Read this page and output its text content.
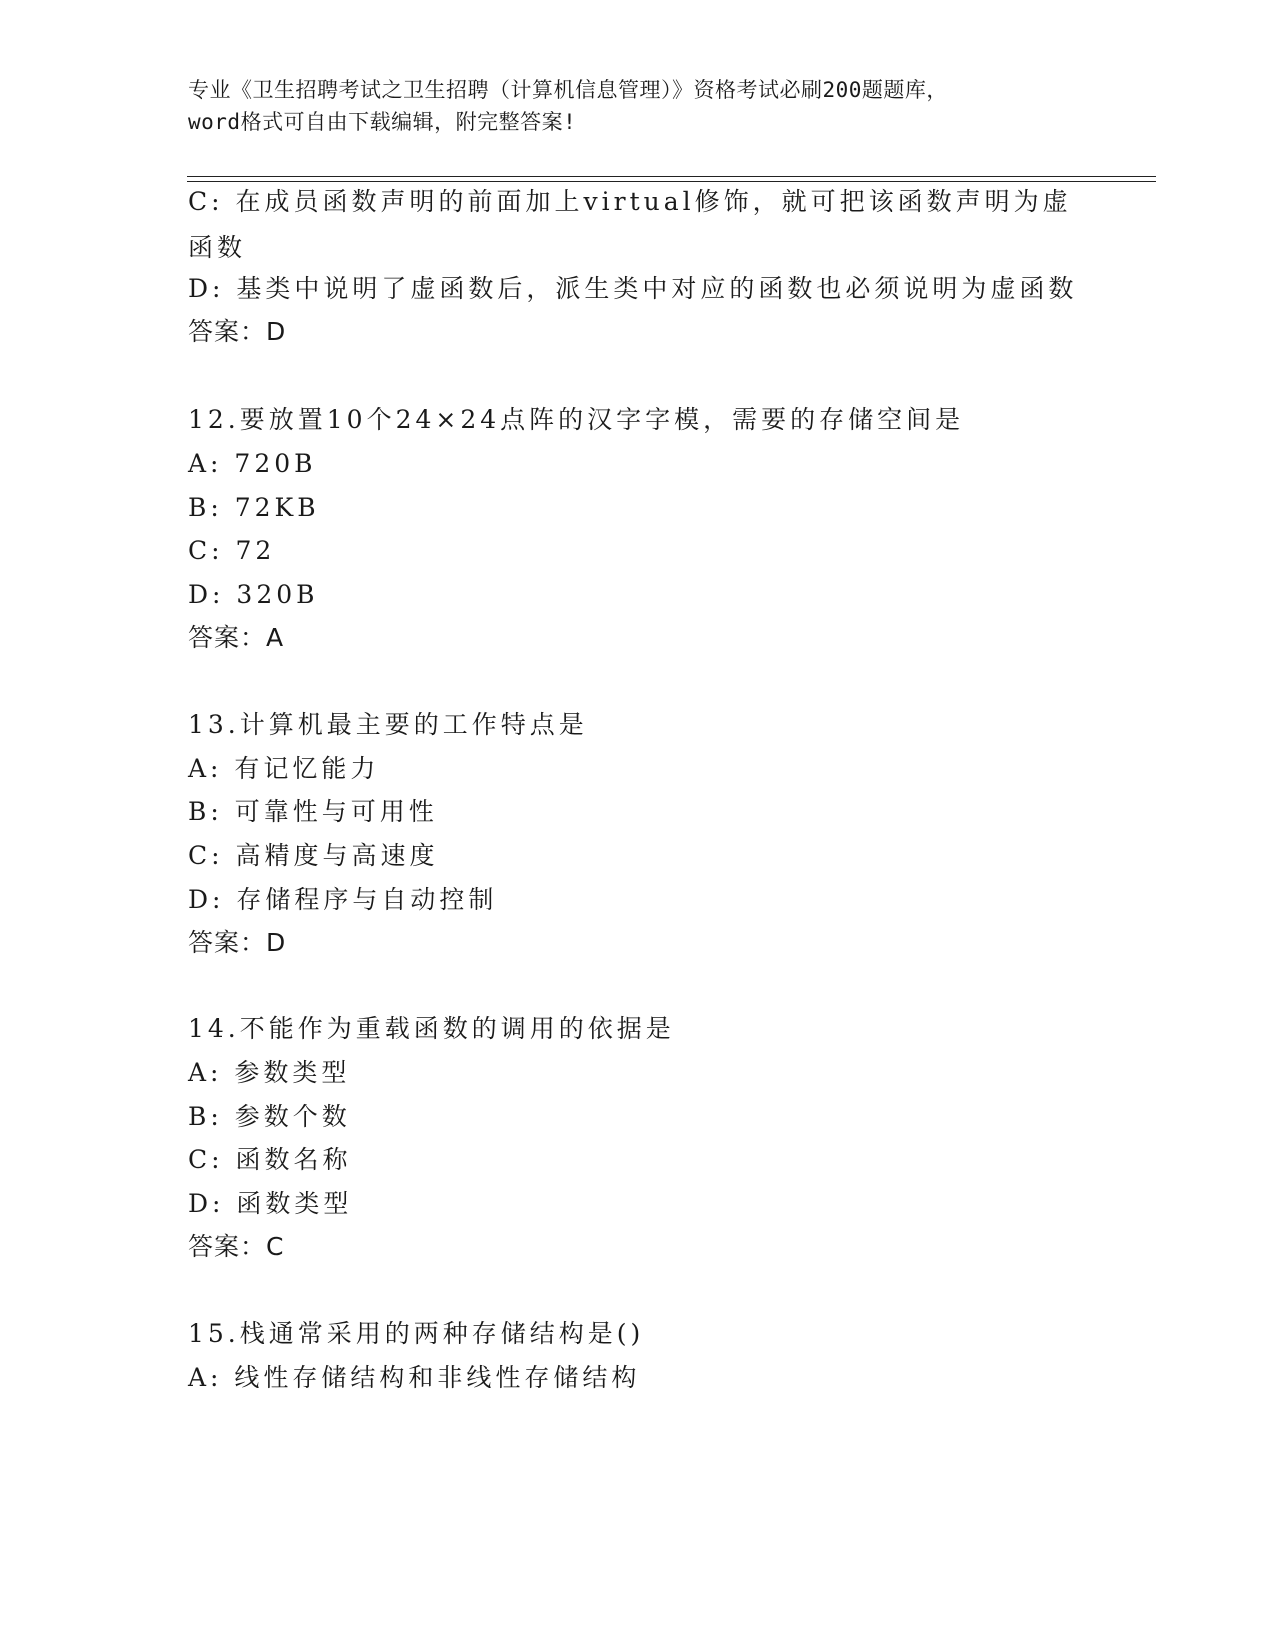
专业《卫生招聘考试之卫生招聘（计算机信息管理）》资格考试必刷200题题库，
word格式可自由下载编辑，附完整答案!
C: 在成员函数声明的前面加上virtual修饰，就可把该函数声明为虚函数
D: 基类中说明了虚函数后，派生类中对应的函数也必须说明为虚函数
答案：D
12.要放置10个24×24点阵的汉字字模，需要的存储空间是
A: 720B
B: 72KB
C: 72
D: 320B
答案：A
13.计算机最主要的工作特点是
A: 有记忆能力
B: 可靠性与可用性
C: 高精度与高速度
D: 存储程序与自动控制
答案：D
14.不能作为重载函数的调用的依据是
A: 参数类型
B: 参数个数
C: 函数名称
D: 函数类型
答案：C
15.栈通常采用的两种存储结构是()
A: 线性存储结构和非线性存储结构
